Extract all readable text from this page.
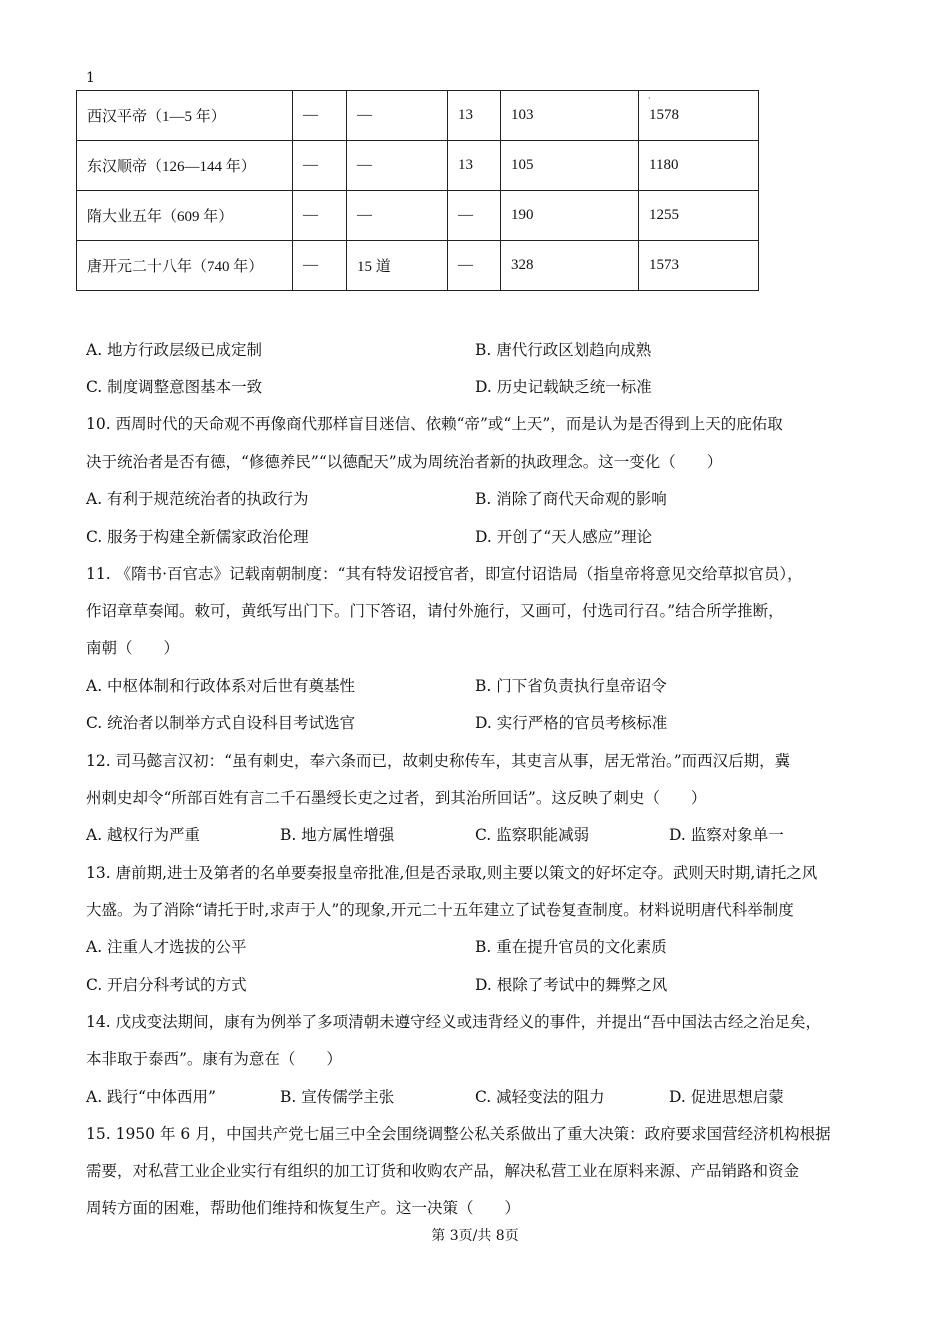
1
西汉平帝（1—5 年）	—	—	13	103	1578
东汉顺帝（126—144 年）	—	—	13	105	1180
隋大业五年（609 年）	—	—	—	190	1255
唐开元二十八年（740 年）	—	15 道	—	328	1573
·
A. 地方行政层级已成定制	B. 唐代行政区划趋向成熟
C. 制度调整意图基本一致	D. 历史记载缺乏统一标准
10. 西周时代的天命观不再像商代那样盲目迷信、依赖“帝”或“上天”，而是认为是否得到上天的庇佑取
决于统治者是否有德，“修德养民”“以德配天”成为周统治者新的执政理念。这一变化（　　）
A. 有利于规范统治者的执政行为	B. 消除了商代天命观的影响
C. 服务于构建全新儒家政治伦理	D. 开创了“天人感应”理论
11. 《隋书·百官志》记载南朝制度：“其有特发诏授官者，即宣付诏诰局（指皇帝将意见交给草拟官员），
作诏章草奏闻。敕可，黄纸写出门下。门下答诏，请付外施行，又画可，付选司行召。”结合所学推断，
南朝（　　）
A. 中枢体制和行政体系对后世有奠基性	B. 门下省负责执行皇帝诏令
C. 统治者以制举方式自设科目考试选官	D. 实行严格的官员考核标准
12. 司马懿言汉初：“虽有刺史，奉六条而已，故刺史称传车，其吏言从事，居无常治。”而西汉后期，冀
州刺史却令“所部百姓有言二千石墨绶长吏之过者，到其治所回话”。这反映了刺史（　　）
A. 越权行为严重	B. 地方属性增强	C. 监察职能减弱	D. 监察对象单一
13. 唐前期,进士及第者的名单要奏报皇帝批准,但是否录取,则主要以策文的好坏定夺。武则天时期,请托之风
大盛。为了消除“请托于时,求声于人”的现象,开元二十五年建立了试卷复查制度。材料说明唐代科举制度
A. 注重人才选拔的公平	B. 重在提升官员的文化素质
C. 开启分科考试的方式	D. 根除了考试中的舞弊之风
14. 戊戌变法期间，康有为例举了多项清朝未遵守经义或违背经义的事件，并提出“吾中国法古经之治足矣，
本非取于泰西”。康有为意在（　　）
A. 践行“中体西用”	B. 宣传儒学主张	C. 减轻变法的阻力	D. 促进思想启蒙
15. 1950 年 6 月，中国共产党七届三中全会围绕调整公私关系做出了重大决策：政府要求国营经济机构根据
需要，对私营工业企业实行有组织的加工订货和收购农产品，解决私营工业在原料来源、产品销路和资金
周转方面的困难，帮助他们维持和恢复生产。这一决策（　　）
第 3页/共 8页
